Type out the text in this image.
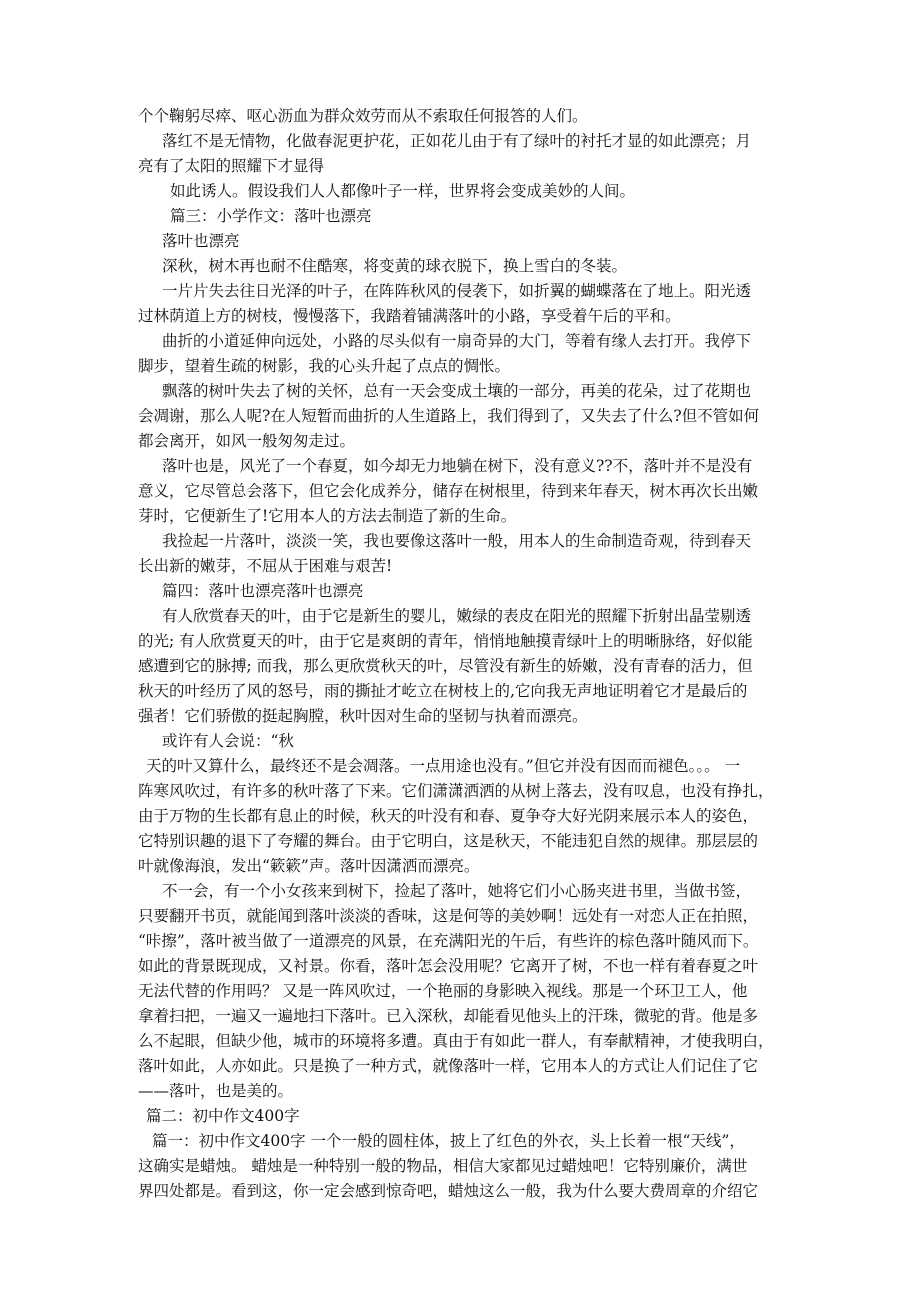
个个鞠躬尽瘁、呕心沥血为群众效劳而从不索取任何报答的人们。
落红不是无情物，化做春泥更护花，正如花儿由于有了绿叶的衬托才显的如此漂亮；月
亮有了太阳的照耀下才显得
如此诱人。假设我们人人都像叶子一样，世界将会变成美妙的人间。
篇三：小学作文：落叶也漂亮
落叶也漂亮
深秋，树木再也耐不住酷寒，将变黄的球衣脱下，换上雪白的冬装。
一片片失去往日光泽的叶子，在阵阵秋风的侵袭下，如折翼的蝴蝶落在了地上。阳光透
过林荫道上方的树枝，慢慢落下，我踏着铺满落叶的小路，享受着午后的平和。
曲折的小道延伸向远处，小路的尽头似有一扇奇异的大门，等着有缘人去打开。我停下
脚步，望着生疏的树影，我的心头升起了点点的惆怅。
飘落的树叶失去了树的关怀，总有一天会变成土壤的一部分，再美的花朵，过了花期也
会凋谢，那么人呢?在人短暂而曲折的人生道路上，我们得到了，又失去了什么?但不管如何
都会离开，如风一般匆匆走过。
落叶也是，风光了一个春夏，如今却无力地躺在树下，没有意义??不，落叶并不是没有
意义，它尽管总会落下，但它会化成养分，储存在树根里，待到来年春天，树木再次长出嫩
芽时，它便新生了!它用本人的方法去制造了新的生命。
我捡起一片落叶，淡淡一笑，我也要像这落叶一般，用本人的生命制造奇观，待到春天
长出新的嫩芽，不屈从于困难与艰苦!
篇四：落叶也漂亮落叶也漂亮
有人欣赏春天的叶，由于它是新生的婴儿，嫩绿的表皮在阳光的照耀下折射出晶莹剔透
的光; 有人欣赏夏天的叶，由于它是爽朗的青年，悄悄地触摸青绿叶上的明晰脉络，好似能
感遭到它的脉搏; 而我，那么更欣赏秋天的叶，尽管没有新生的娇嫩，没有青春的活力，但
秋天的叶经历了风的怒号，雨的撕扯才屹立在树枝上的,它向我无声地证明着它才是最后的
强者！它们骄傲的挺起胸膛，秋叶因对生命的坚韧与执着而漂亮。
或许有人会说：“秋
天的叶又算什么，最终还不是会凋落。一点用途也没有。”但它并没有因而而褪色。。。 一
阵寒风吹过，有许多的秋叶落了下来。它们潇潇洒洒的从树上落去，没有叹息，也没有挣扎，
由于万物的生长都有息止的时候，秋天的叶没有和春、夏争夺大好光阴来展示本人的姿色，
它特别识趣的退下了夸耀的舞台。由于它明白，这是秋天，不能违犯自然的规律。那层层的
叶就像海浪，发出“簌簌”声。落叶因潇洒而漂亮。
不一会，有一个小女孩来到树下，捡起了落叶，她将它们小心肠夹进书里，当做书签，
只要翻开书页，就能闻到落叶淡淡的香味，这是何等的美妙啊！远处有一对恋人正在拍照，
“咔擦”，落叶被当做了一道漂亮的风景，在充满阳光的午后，有些许的棕色落叶随风而下。
如此的背景既现成，又衬景。你看，落叶怎会没用呢？它离开了树，不也一样有着春夏之叶
无法代替的作用吗？ 又是一阵风吹过，一个艳丽的身影映入视线。那是一个环卫工人，他
拿着扫把，一遍又一遍地扫下落叶。已入深秋，却能看见他头上的汗珠，微驼的背。他是多
么不起眼，但缺少他，城市的环境将多遭。真由于有如此一群人，有奉献精神，才使我明白，
落叶如此，人亦如此。只是换了一种方式，就像落叶一样，它用本人的方式让人们记住了它
——落叶，也是美的。
篇二：初中作文400字
篇一：初中作文400字 一个一般的圆柱体，披上了红色的外衣，头上长着一根“天线”，
这确实是蜡烛。 蜡烛是一种特别一般的物品，相信大家都见过蜡烛吧！它特别廉价，满世
界四处都是。看到这，你一定会感到惊奇吧，蜡烛这么一般，我为什么要大费周章的介绍它
